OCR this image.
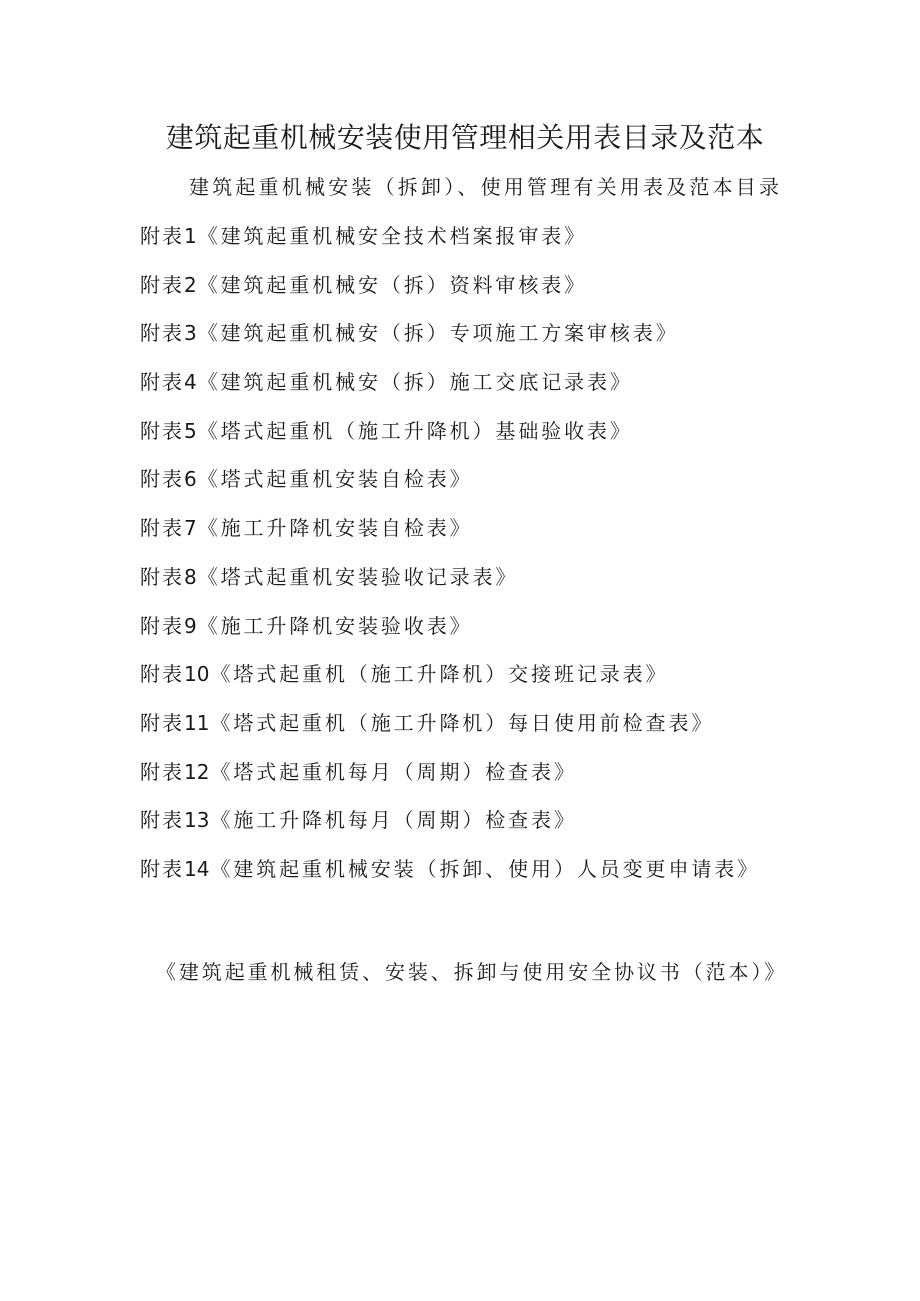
建筑起重机械安装使用管理相关用表目录及范本
建筑起重机械安装（拆卸）、使用管理有关用表及范本目录
附表1《建筑起重机械安全技术档案报审表》
附表2《建筑起重机械安（拆）资料审核表》
附表3《建筑起重机械安（拆）专项施工方案审核表》
附表4《建筑起重机械安（拆）施工交底记录表》
附表5《塔式起重机（施工升降机）基础验收表》
附表6《塔式起重机安装自检表》
附表7《施工升降机安装自检表》
附表8《塔式起重机安装验收记录表》
附表9《施工升降机安装验收表》
附表10《塔式起重机（施工升降机）交接班记录表》
附表11《塔式起重机（施工升降机）每日使用前检查表》
附表12《塔式起重机每月（周期）检查表》
附表13《施工升降机每月（周期）检查表》
附表14《建筑起重机械安装（拆卸、使用）人员变更申请表》
《建筑起重机械租赁、安装、拆卸与使用安全协议书（范本）》
